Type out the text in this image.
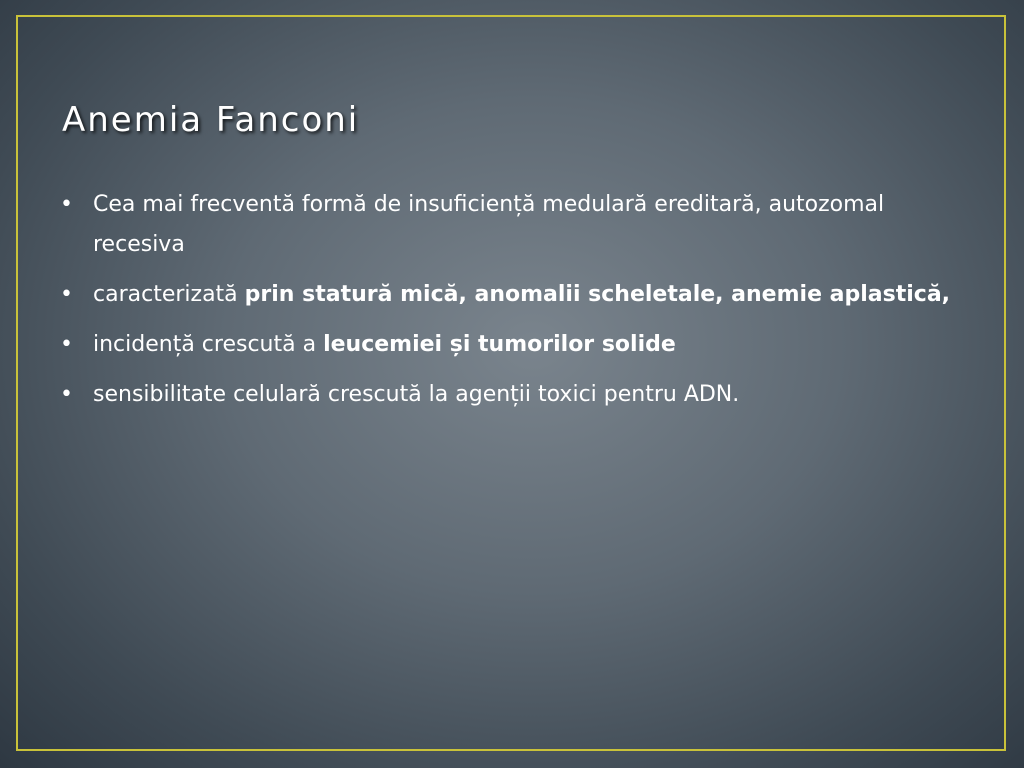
Anemia Fanconi
• Cea mai frecventă formă de insuficiență medulară ereditară, autozomal recesiva
• caracterizată prin statură mică, anomalii scheletale, anemie aplastică,
• incidență crescută a leucemiei și tumorilor solide
• sensibilitate celulară crescută la agenții toxici pentru ADN.
